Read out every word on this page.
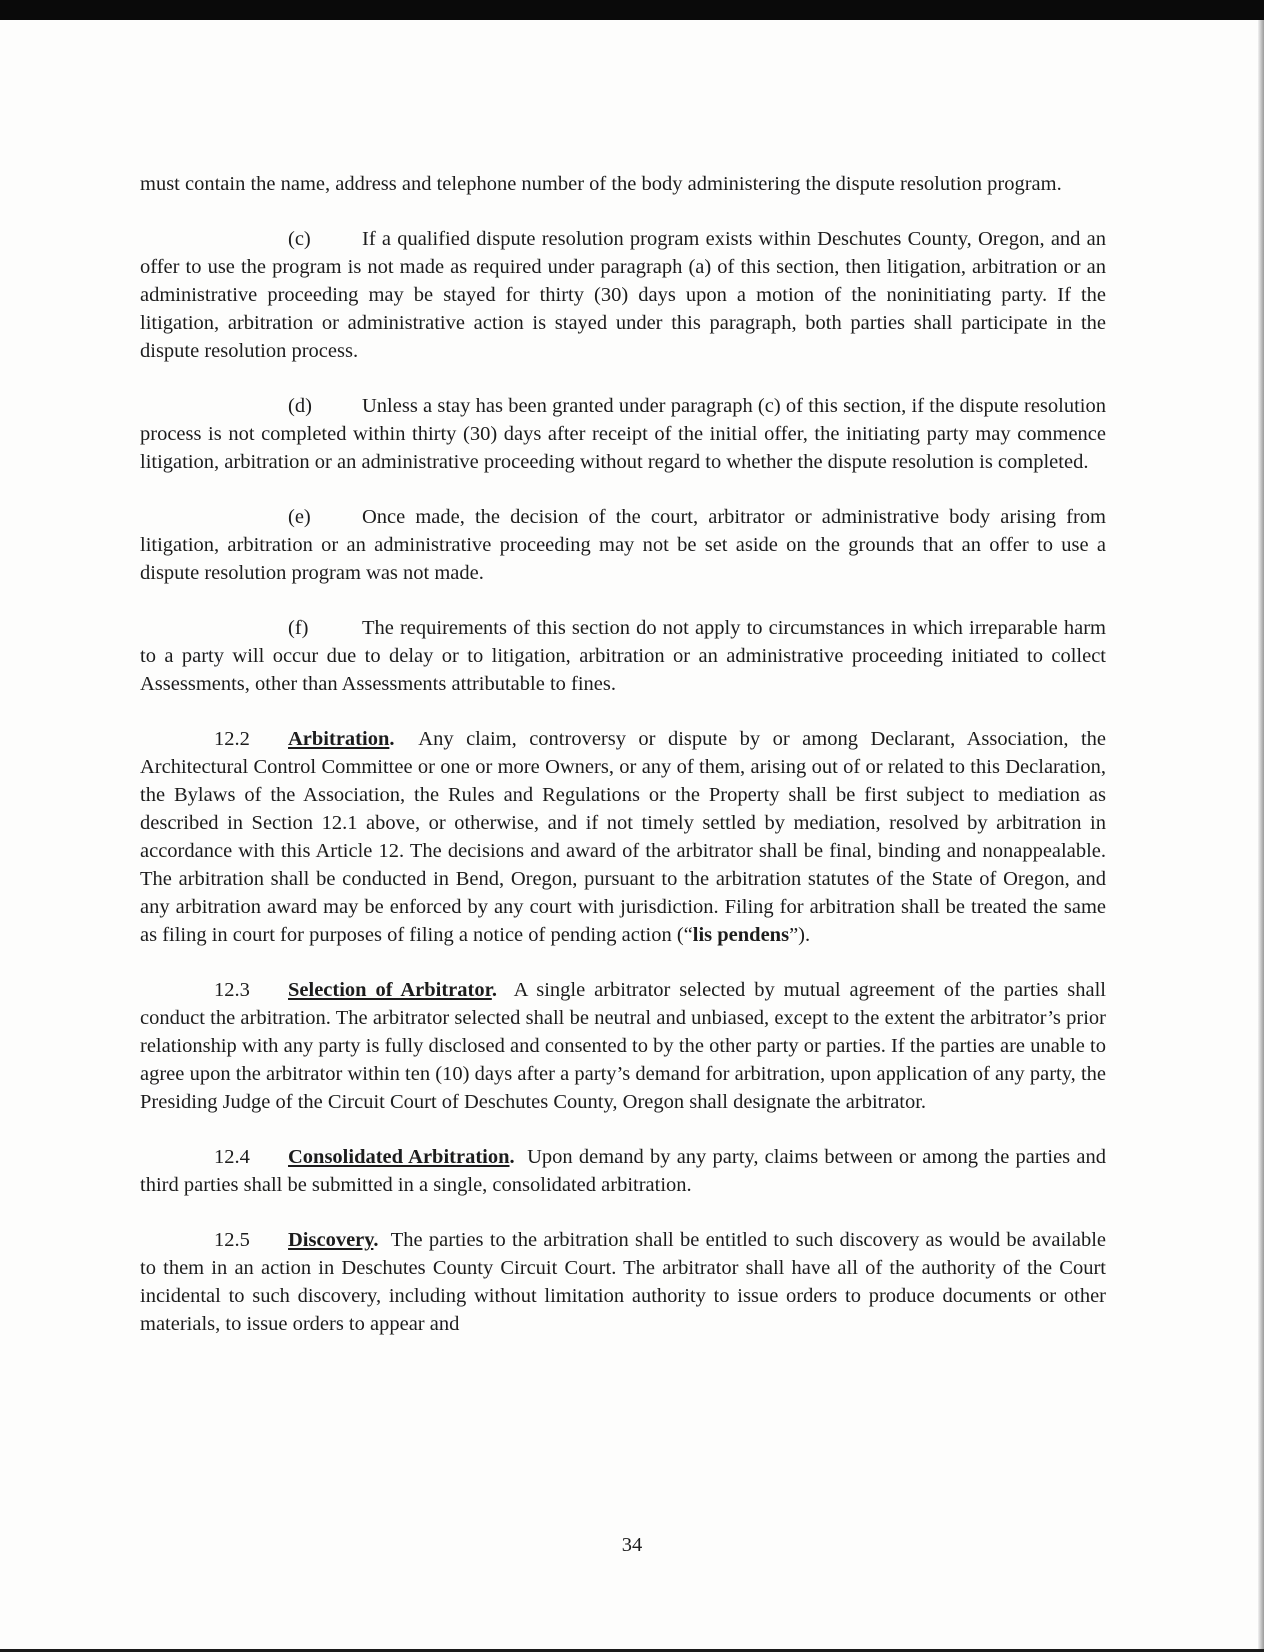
must contain the name, address and telephone number of the body administering the dispute resolution program.

(c) If a qualified dispute resolution program exists within Deschutes County, Oregon, and an offer to use the program is not made as required under paragraph (a) of this section, then litigation, arbitration or an administrative proceeding may be stayed for thirty (30) days upon a motion of the noninitiating party. If the litigation, arbitration or administrative action is stayed under this paragraph, both parties shall participate in the dispute resolution process.

(d) Unless a stay has been granted under paragraph (c) of this section, if the dispute resolution process is not completed within thirty (30) days after receipt of the initial offer, the initiating party may commence litigation, arbitration or an administrative proceeding without regard to whether the dispute resolution is completed.

(e) Once made, the decision of the court, arbitrator or administrative body arising from litigation, arbitration or an administrative proceeding may not be set aside on the grounds that an offer to use a dispute resolution program was not made.

(f)	The requirements of this section do not apply to circumstances in which irreparable harm to a party will occur due to delay or to litigation, arbitration or an administrative proceeding initiated to collect Assessments, other than Assessments attributable to fines.

12.2 Arbitration. Any claim, controversy or dispute by or among Declarant, Association, the Architectural Control Committee or one or more Owners, or any of them, arising out of or related to this Declaration, the Bylaws of the Association, the Rules and Regulations or the Property shall be first subject to mediation as described in Section 12.1 above, or otherwise, and if not timely settled by mediation, resolved by arbitration in accordance with this Article 12. The decisions and award of the arbitrator shall be final, binding and nonappealable. The arbitration shall be conducted in Bend, Oregon, pursuant to the arbitration statutes of the State of Oregon, and any arbitration award may be enforced by any court with jurisdiction. Filing for arbitration shall be treated the same as filing in court for purposes of filing a notice of pending action (“lis pendens”).

12.3 Selection of Arbitrator. A single arbitrator selected by mutual agreement of the parties shall conduct the arbitration. The arbitrator selected shall be neutral and unbiased, except to the extent the arbitrator’s prior relationship with any party is fully disclosed and consented to by the other party or parties. If the parties are unable to agree upon the arbitrator within ten (10) days after a party’s demand for arbitration, upon application of any party, the Presiding Judge of the Circuit Court of Deschutes County, Oregon shall designate the arbitrator.

12.4 Consolidated Arbitration. Upon demand by any party, claims between or among the parties and third parties shall be submitted in a single, consolidated arbitration.

12.5 Discovery. The parties to the arbitration shall be entitled to such discovery as would be available to them in an action in Deschutes County Circuit Court. The arbitrator shall have all of the authority of the Court incidental to such discovery, including without limitation authority to issue orders to produce documents or other materials, to issue orders to appear and

34
